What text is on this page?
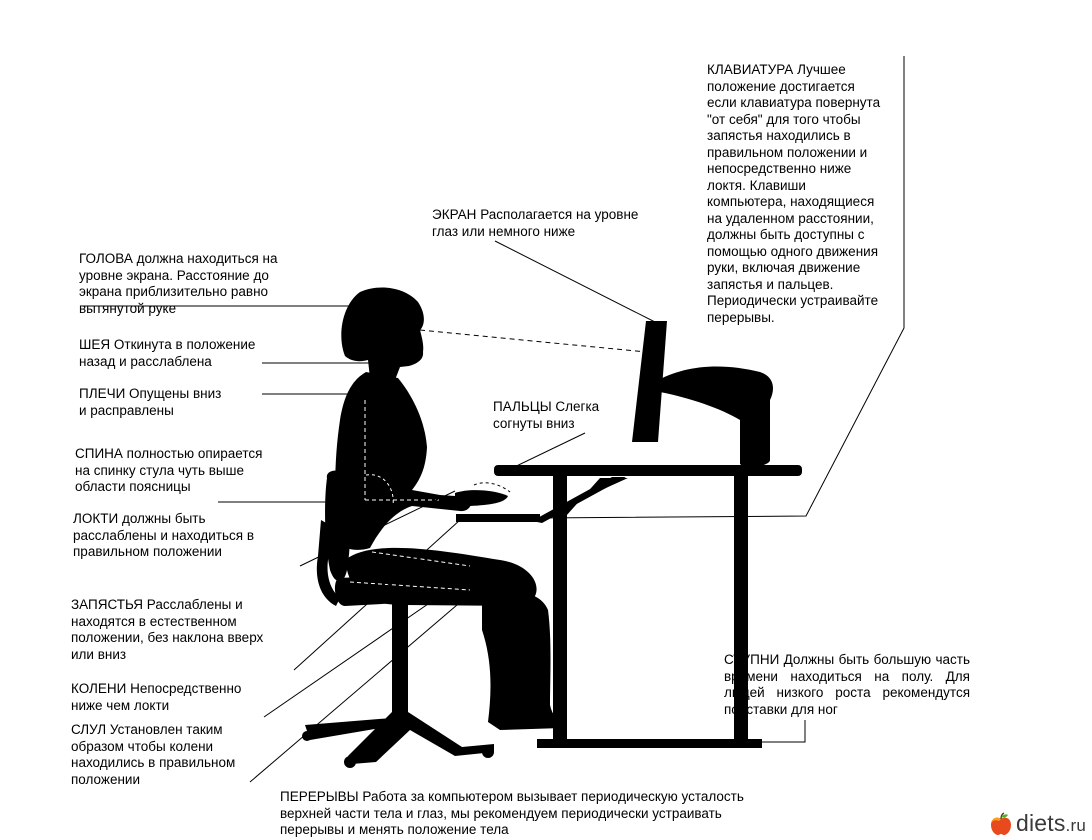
ГОЛОВА должна находиться на
уровне экрана. Расстояние до
экрана приблизительно равно
вытянутой руке

ШЕЯ Откинута в положение
назад и расслаблена

ПЛЕЧИ Опущены вниз
и расправлены

СПИНА полностью опирается
на спинку стула чуть выше
области поясницы

ЛОКТИ должны быть
расслаблены и находиться в
правильном положении

ЗАПЯСТЬЯ Расслаблены и
находятся в естественном
положении, без наклона вверх
или вниз

КОЛЕНИ Непосредственно
ниже чем локти

СЛУЛ Установлен таким
образом чтобы колени
находились в правильном
положении

ЭКРАН Располагается на уровне
глаз или немного ниже

ПАЛЬЦЫ Слегка
согнуты вниз

КЛАВИАТУРА Лучшее
положение достигается
если клавиатура повернута
"от себя" для того чтобы
запястья находились в
правильном положении и
непосредственно ниже
локтя. Клавиши
компьютера, находящиеся
на удаленном расстоянии,
должны быть доступны с
помощью одного движения
руки, включая движение
запястья и пальцев.
Периодически устраивайте
перерывы.

СТУПНИ Должны быть большую часть времени находиться на полу. Для людей низкого роста рекомендутся подставки для ног

ПЕРЕРЫВЫ Работа за компьютером вызывает периодическую усталость
верхней части тела и глаз, мы рекомендуем периодически устраивать
перерывы и менять положение тела	diets.ru
